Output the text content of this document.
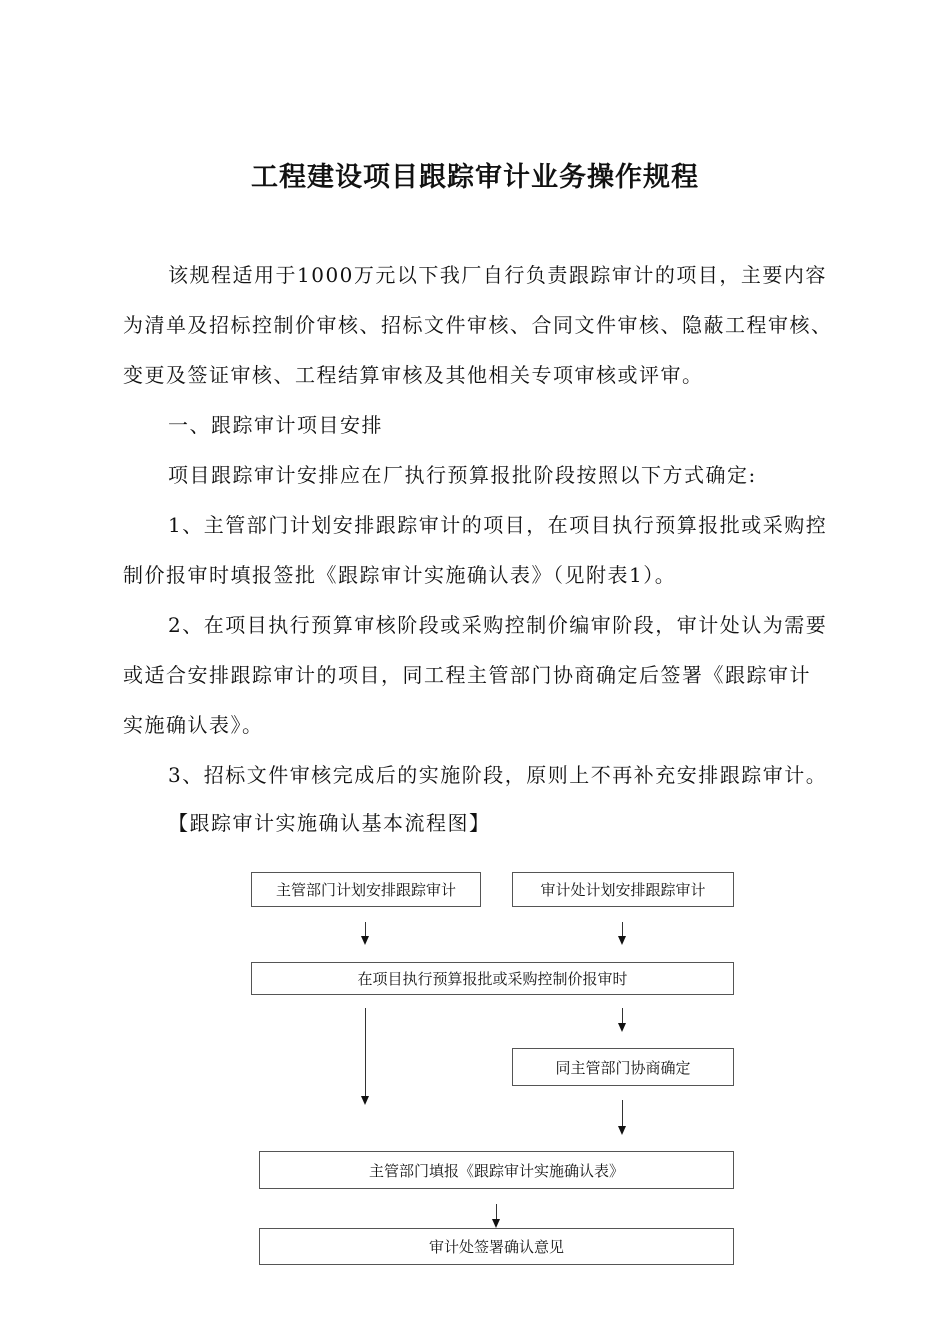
工程建设项目跟踪审计业务操作规程
该规程适用于1000万元以下我厂自行负责跟踪审计的项目，主要内容
为清单及招标控制价审核、招标文件审核、合同文件审核、隐蔽工程审核、
变更及签证审核、工程结算审核及其他相关专项审核或评审。
一、跟踪审计项目安排
项目跟踪审计安排应在厂执行预算报批阶段按照以下方式确定:
1、主管部门计划安排跟踪审计的项目，在项目执行预算报批或采购控
制价报审时填报签批《跟踪审计实施确认表》（见附表1）。
2、在项目执行预算审核阶段或采购控制价编审阶段，审计处认为需要
或适合安排跟踪审计的项目，同工程主管部门协商确定后签署《跟踪审计
实施确认表》。
3、招标文件审核完成后的实施阶段，原则上不再补充安排跟踪审计。
【跟踪审计实施确认基本流程图】
主管部门计划安排跟踪审计	审计处计划安排跟踪审计
在项目执行预算报批或采购控制价报审时
同主管部门协商确定
主管部门填报《跟踪审计实施确认表》
审计处签署确认意见
